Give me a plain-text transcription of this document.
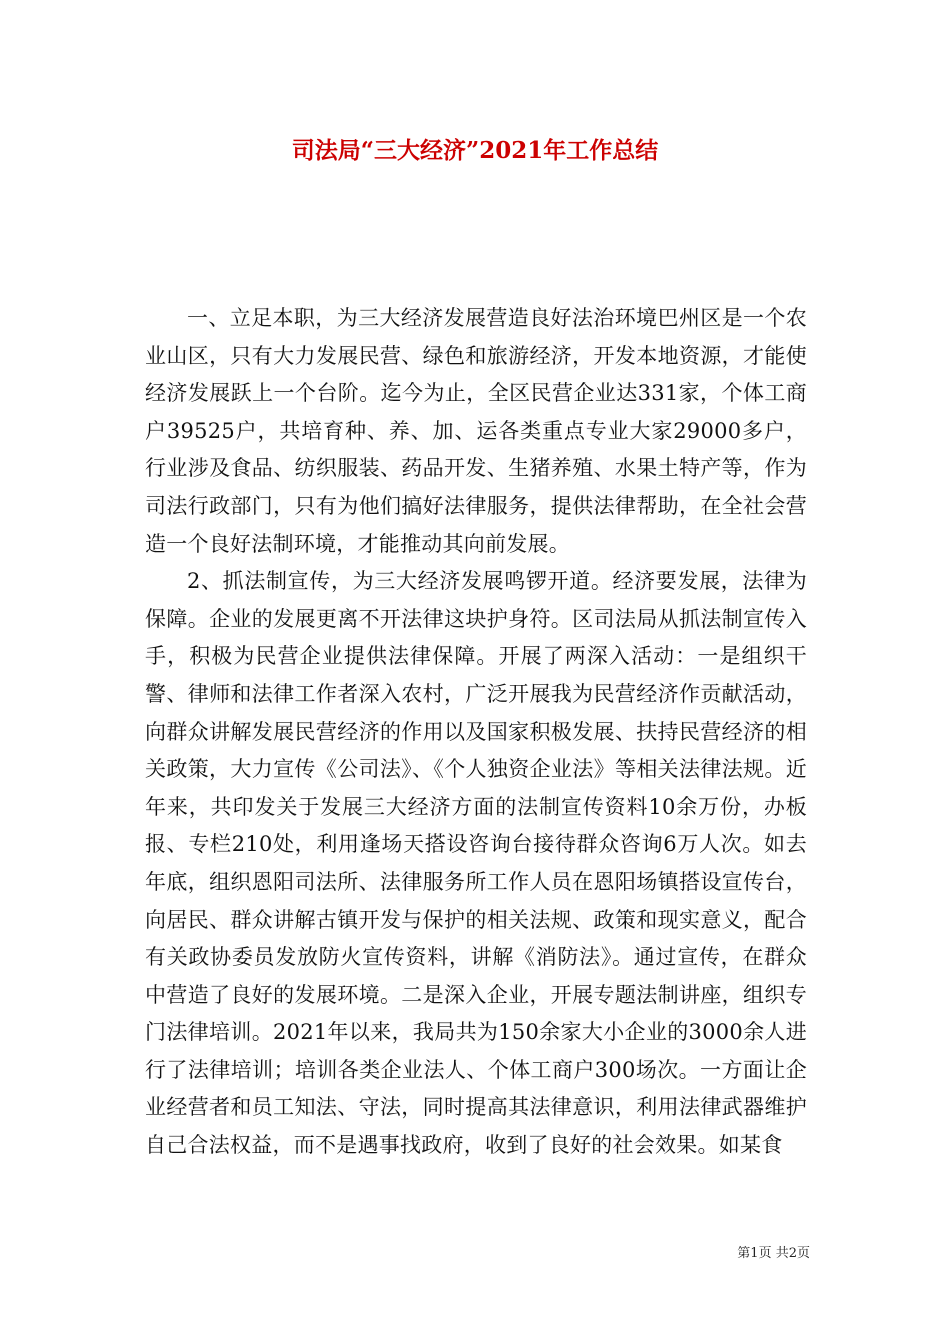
司法局“三大经济”2021年工作总结

一、立足本职，为三大经济发展营造良好法治环境巴州区是一个农业山区，只有大力发展民营、绿色和旅游经济，开发本地资源，才能使经济发展跃上一个台阶。迄今为止，全区民营企业达331家，个体工商户39525户，共培育种、养、加、运各类重点专业大家29000多户，行业涉及食品、纺织服装、药品开发、生猪养殖、水果土特产等，作为司法行政部门，只有为他们搞好法律服务，提供法律帮助，在全社会营造一个良好法制环境，才能推动其向前发展。

2、抓法制宣传，为三大经济发展鸣锣开道。经济要发展，法律为保障。企业的发展更离不开法律这块护身符。区司法局从抓法制宣传入手，积极为民营企业提供法律保障。开展了两深入活动：一是组织干警、律师和法律工作者深入农村，广泛开展我为民营经济作贡献活动，向群众讲解发展民营经济的作用以及国家积极发展、扶持民营经济的相关政策，大力宣传《公司法》、《个人独资企业法》等相关法律法规。近年来，共印发关于发展三大经济方面的法制宣传资料10余万份，办板报、专栏210处，利用逢场天搭设咨询台接待群众咨询6万人次。如去年底，组织恩阳司法所、法律服务所工作人员在恩阳场镇搭设宣传台，向居民、群众讲解古镇开发与保护的相关法规、政策和现实意义，配合有关政协委员发放防火宣传资料，讲解《消防法》。通过宣传，在群众中营造了良好的发展环境。二是深入企业，开展专题法制讲座，组织专门法律培训。2021年以来，我局共为150余家大小企业的3000余人进行了法律培训；培训各类企业法人、个体工商户300场次。一方面让企业经营者和员工知法、守法，同时提高其法律意识，利用法律武器维护自己合法权益，而不是遇事找政府，收到了良好的社会效果。如某食

第1页 共2页
